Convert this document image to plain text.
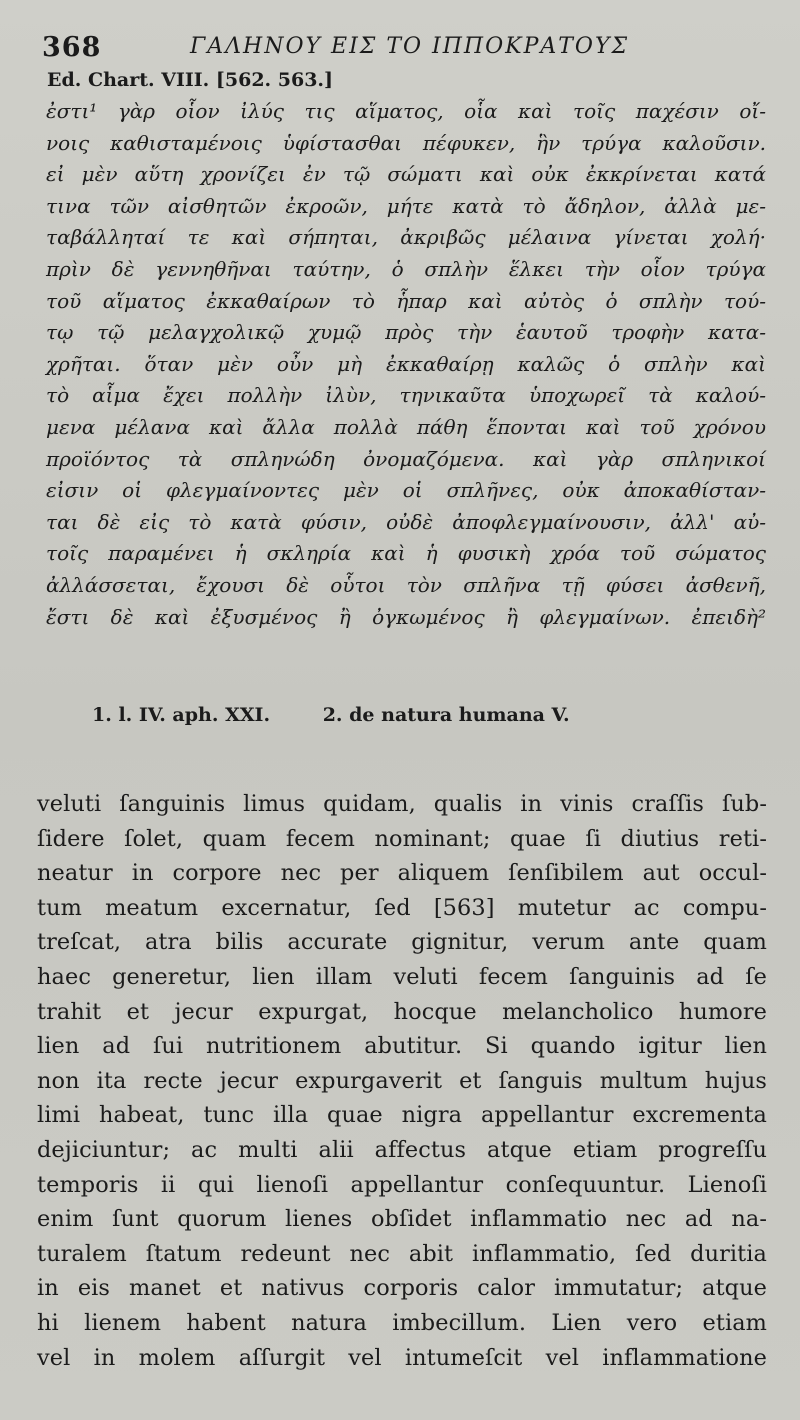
368	ΓΑΛΗΝΟΥ ΕΙΣ ΤΟ ΙΠΠΟΚΡΑΤΟΥΣ
Ed. Chart. VIII. [562. 563.]
ἐστι¹ γὰρ οἷον ἰλύς τις αἵματος, οἷα καὶ τοῖς παχέσιν οἴ-
νοις καθισταμένοις ὑφίστασθαι πέφυκεν, ἣν τρύγα καλοῦσιν.
εἰ μὲν αὕτη χρονίζει ἐν τῷ σώματι καὶ οὐκ ἐκκρίνεται κατά
τινα τῶν αἰσθητῶν ἐκροῶν, μήτε κατὰ τὸ ἄδηλον, ἀλλὰ με-
ταβάλληταί τε καὶ σήπηται, ἀκριβῶς μέλαινα γίνεται χολή·
πρὶν δὲ γεννηθῆναι ταύτην, ὁ σπλὴν ἕλκει τὴν οἷον τρύγα
τοῦ αἵματος ἐκκαθαίρων τὸ ἧπαρ καὶ αὐτὸς ὁ σπλὴν τού-
τῳ τῷ μελαγχολικῷ χυμῷ πρὸς τὴν ἑαυτοῦ τροφὴν κατα-
χρῆται. ὅταν μὲν οὖν μὴ ἐκκαθαίρῃ καλῶς ὁ σπλὴν καὶ
τὸ αἷμα ἔχει πολλὴν ἰλὺν, τηνικαῦτα ὑποχωρεῖ τὰ καλού-
μενα μέλανα καὶ ἄλλα πολλὰ πάθη ἕπονται καὶ τοῦ χρόνου
προϊόντος τὰ σπληνώδη ὀνομαζόμενα. καὶ γὰρ σπληνικοί
εἰσιν οἱ φλεγμαίνοντες μὲν οἱ σπλῆνες, οὐκ ἀποκαθίσταν-
ται δὲ εἰς τὸ κατὰ φύσιν, οὐδὲ ἀποφλεγμαίνουσιν, ἀλλ' αὐ-
τοῖς παραμένει ἡ σκληρία καὶ ἡ φυσικὴ χρόα τοῦ σώματος
ἀλλάσσεται, ἔχουσι δὲ οὗτοι τὸν σπλῆνα τῇ φύσει ἀσθενῆ,
ἔστι δὲ καὶ ἐξυσμένος ἢ ὀγκωμένος ἢ φλεγμαίνων. ἐπειδὴ²
1. l. IV. aph. XXI.	2. de natura humana V.
veluti ſanguinis limus quidam, qualis in vinis craſſis ſub-
ſidere ſolet, quam fecem nominant; quae ſi diutius reti-
neatur in corpore nec per aliquem ſenſibilem aut occul-
tum meatum excernatur, ſed [563] mutetur ac compu-
treſcat, atra bilis accurate gignitur, verum ante quam
haec generetur, lien illam veluti fecem ſanguinis ad ſe
trahit et jecur expurgat, hocque melancholico humore
lien ad ſui nutritionem abutitur. Si quando igitur lien
non ita recte jecur expurgaverit et ſanguis multum hujus
limi habeat, tunc illa quae nigra appellantur excrementa
dejiciuntur; ac multi alii affectus atque etiam progreſſu
temporis ii qui lienoſi appellantur conſequuntur. Lienoſi
enim ſunt quorum lienes obſidet inflammatio nec ad na-
turalem ſtatum redeunt nec abit inflammatio, ſed duritia
in eis manet et nativus corporis calor immutatur; atque
hi lienem habent natura imbecillum. Lien vero etiam
vel in molem aſſurgit vel intumeſcit vel inflammatione
